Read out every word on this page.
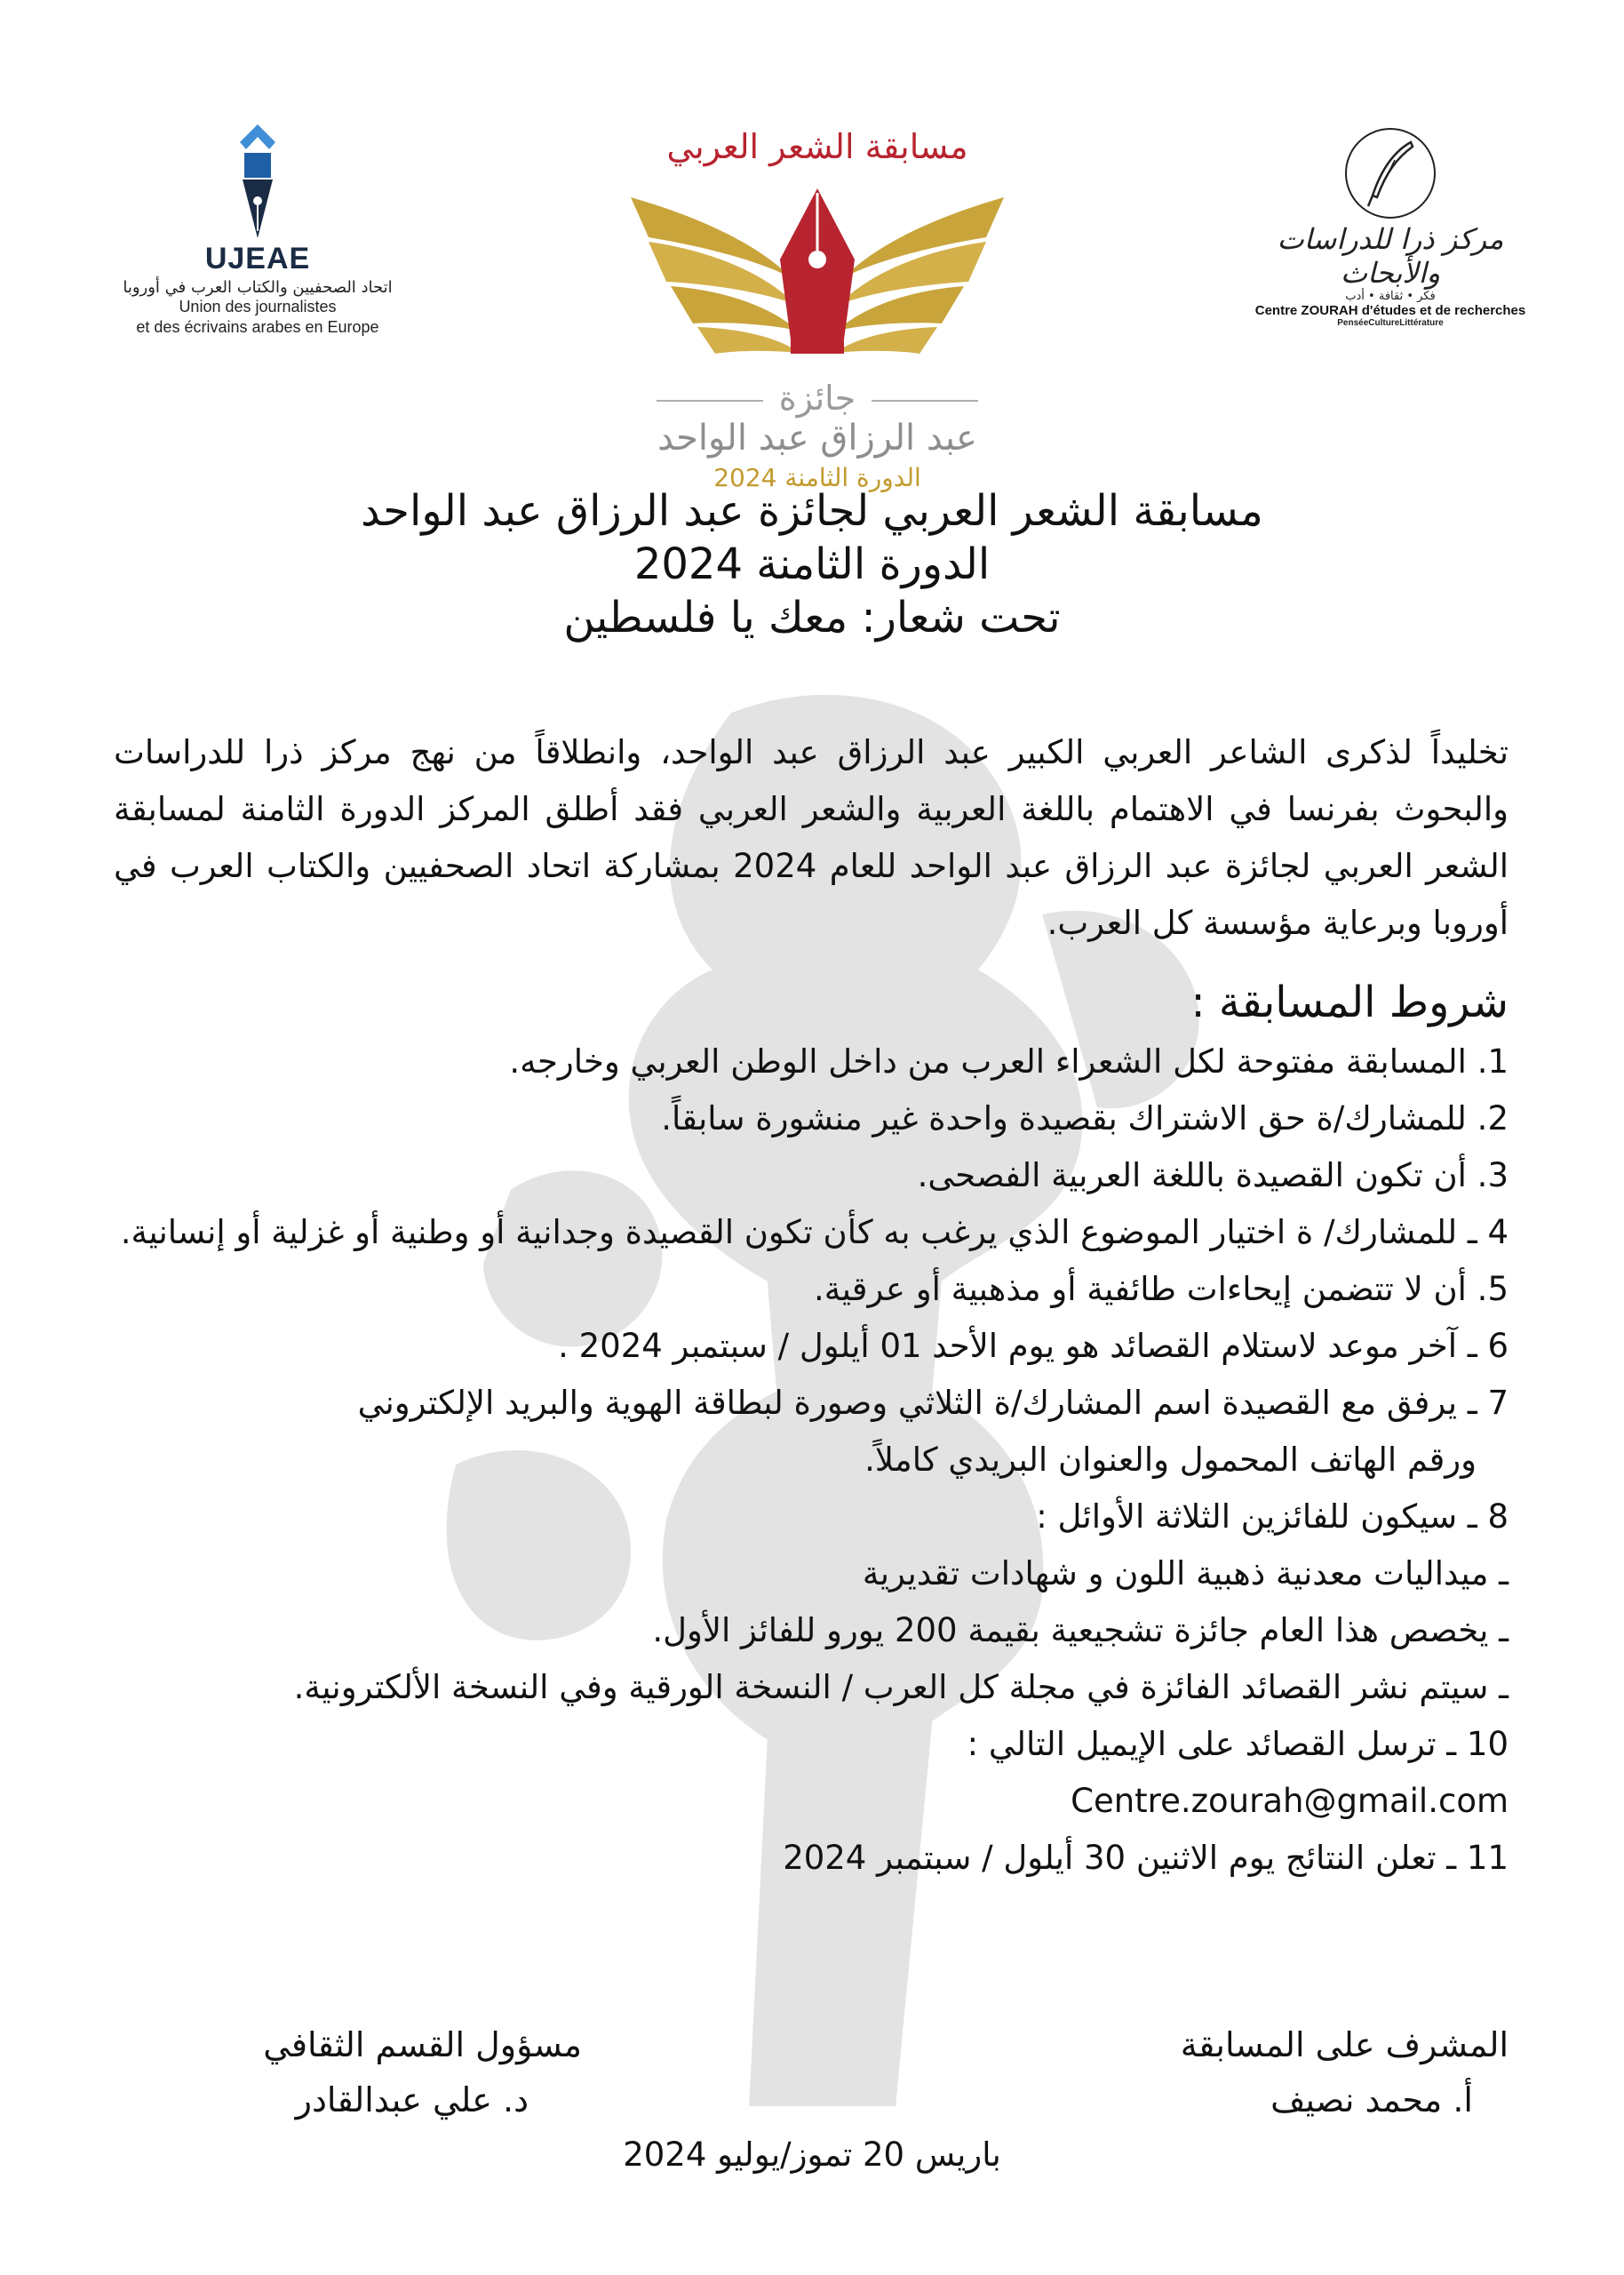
UJEAE
اتحاد الصحفيين والكتاب العرب في أوروبا
Union des journalistes
et des écrivains arabes en Europe
مسابقة الشعر العربي
جائزة
عبد الرزاق عبد الواحد
الدورة الثامنة 2024
مركز ذرا للدراسات والأبحاث
فكر • ثقافة • أدب
Centre ZOURAH d'études et de recherches
PenséeCultureLittérature
مسابقة الشعر العربي لجائزة عبد الرزاق عبد الواحد
الدورة الثامنة 2024
تحت شعار: معك يا فلسطين

تخليداً لذكرى الشاعر العربي الكبير عبد الرزاق عبد الواحد، وانطلاقاً من نهج مركز ذرا للدراسات والبحوث بفرنسا في الاهتمام باللغة العربية والشعر العربي فقد أطلق المركز الدورة الثامنة لمسابقة الشعر العربي لجائزة عبد الرزاق عبد الواحد للعام 2024 بمشاركة اتحاد الصحفيين والكتاب العرب في أوروبا وبرعاية مؤسسة كل العرب.

شروط المسابقة :
1. المسابقة مفتوحة لكل الشعراء العرب من داخل الوطن العربي وخارجه.
2. للمشارك/ة حق الاشتراك بقصيدة واحدة غير منشورة سابقاً.
3. أن تكون القصيدة باللغة العربية الفصحى.
4 ـ للمشارك/ ة اختيار الموضوع الذي يرغب به كأن تكون القصيدة وجدانية أو وطنية أو غزلية أو إنسانية.
5. أن لا تتضمن إيحاءات طائفية أو مذهبية أو عرقية.
6 ـ آخر موعد لاستلام القصائد هو يوم الأحد 01 أيلول / سبتمبر 2024 .
7 ـ يرفق مع القصيدة اسم المشارك/ة الثلاثي وصورة لبطاقة الهوية والبريد الإلكتروني
ورقم الهاتف المحمول والعنوان البريدي كاملاً.
8 ـ سيكون للفائزين الثلاثة الأوائل :
ـ ميداليات معدنية ذهبية اللون و شهادات تقديرية
ـ يخصص هذا العام جائزة تشجيعية بقيمة 200 يورو للفائز الأول.
ـ سيتم نشر القصائد الفائزة في مجلة كل العرب / النسخة الورقية وفي النسخة الألكترونية.
10 ـ ترسل القصائد على الإيميل التالي :
Centre.zourah@gmail.com
11 ـ تعلن النتائج يوم الاثنين 30 أيلول / سبتمبر 2024
المشرف على المسابقة
أ. محمد نصيف
مسؤول القسم الثقافي
د. علي عبدالقادر
باريس 20 تموز/يوليو 2024
